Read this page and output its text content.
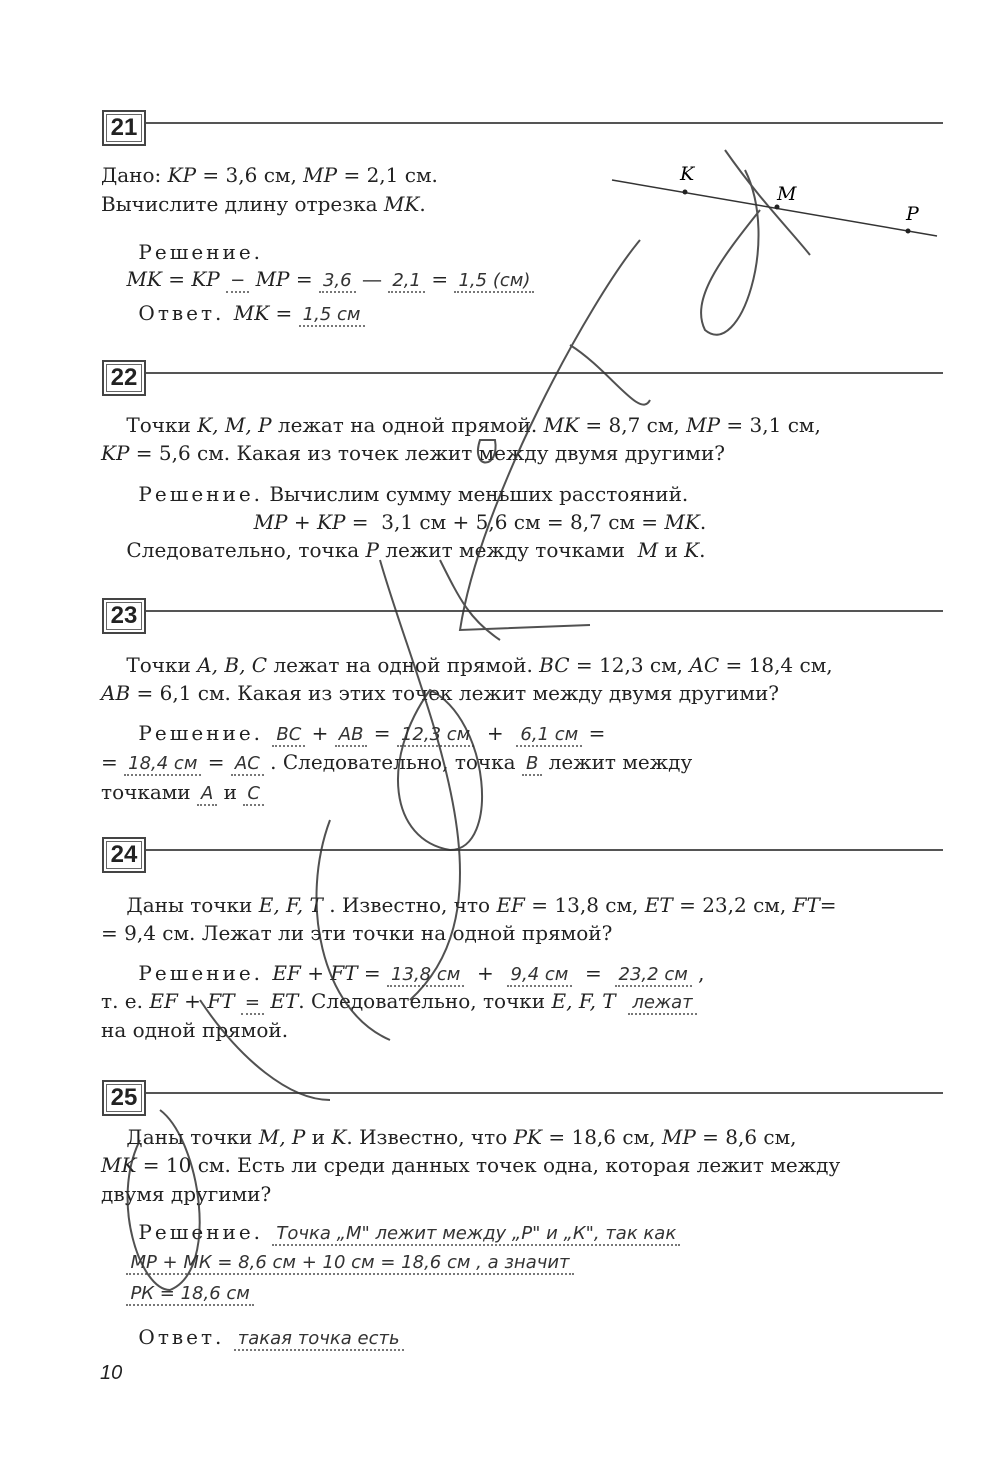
21
Дано: KP = 3,6 см, MP = 2,1 см.
Вычислите длину отрезка MK.
Решение.
MK = KP − MP = 3,6 — 2,1 = 1,5 (см)
Ответ. MK = 1,5 см
22
Точки K, M, P лежат на одной прямой. MK = 8,7 см, MP = 3,1 см,
KP = 5,6 см. Какая из точек лежит между двумя другими?
Решение. Вычислим сумму меньших расстояний.
MP + KP =  3,1 см + 5,6 см = 8,7 см = MK.
Следовательно, точка P лежит между точками  M и K.
23
Точки A, B, C лежат на одной прямой. BC = 12,3 см, AC = 18,4 см,
AB = 6,1 см. Какая из этих точек лежит между двумя другими?
Решение. BC + AB = 12,3 см  +  6,1 см =
= 18,4 см = AC . Следовательно, точка B лежит между
точками A и C
24
Даны точки E, F, T . Известно, что EF = 13,8 см, ET = 23,2 см, FT=
= 9,4 см. Лежат ли эти точки на одной прямой?
Решение. EF + FT = 13,8 см  +  9,4 см  =  23,2 см ,
т. е. EF + FT = ET. Следовательно, точки E, F, T лежат
на одной прямой.
25
Даны точки M, P и K. Известно, что PK = 18,6 см, MP = 8,6 см,
MK = 10 см. Есть ли среди данных точек одна, которая лежит между
двумя другими?
Решение. Точка „М" лежит между „Р" и „К", так как
МР + МК = 8,6 см + 10 см = 18,6 см , а значит
РК = 18,6 см
Ответ. такая точка есть
K
M
P
10
